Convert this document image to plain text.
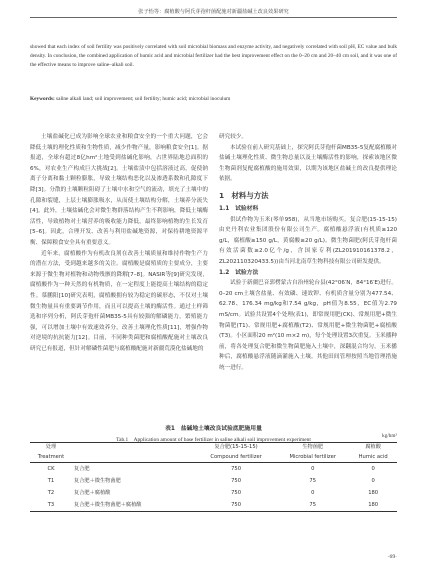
张子怡等：腐植酸与阿氏芽孢杆菌配施对新疆盐碱土改良效果研究
showed that each index of soil fertility was positively correlated with soil microbial biomass and enzyme activity, and negatively correlated with soil pH, EC value and bulk density. In conclusion, the combined application of humic acid and microbial fertilizer had the best improvement effect on the 0–20 cm and 20–40 cm soil, and it was one of the effective means to improve saline–alkali soil.
Keywords: saline alkali land; soil improvement; soil fertility; humic acid; microbial inoculum

土壤盐碱化已成为影响全球农业和粮食安全的一个重大问题，它会降低土壤的理化性质和生物性质，减少作物产量，影响粮食安全[1]。据报道，全球有超过8亿hm²土地受到盐碱化影响，占世界陆地总面积的6%，对农业生产构成巨大挑战[2]。土壤盐渍中包括溶液过高，促使钠离子分离和黏土颗粒膨胀，导致土壤结构恶化以及渗透系数和孔隙度下降[3]。分散的土壤颗粒阻碍了土壤中水和空气的流动，填充了土壤中的孔隙和裂缝，上层土壤膨胀吸水，从而使土壤结构分解，土壤养分流失[4]。此外，土壤盐碱化会对微生物群落结构产生不利影响，降低土壤酶活性，导致植物对土壤营养的吸收能力降低，最终影响植物的生长发育[5–6]。因此，合理开发、改善与利用盐碱地资源，对保持耕地资源平衡、保障粮食安全具有重要意义。

近年来，腐植酸作为有机改良剂在改善土壤质量和维持作物生产力的潜在方法，受到越来越多的关注。腐植酸是腐殖质的主要成分，主要来源于微生物对植物和动物残骸的降解[7–8]。NASIR等[9]研究发现，腐植酸作为一种天然的有机物质，在一定程度上能提高土壤结构的稳定性。慕鹏阳[10]研究表明，腐植酸拥有较为稳定的碳形态，不仅对土壤微生物量具有重要调节作用，而且可以提高土壤的酶活性。通过土样筛选和序列分析，阿氏芽孢杆菌MB35-5具有较强的解磷能力，繁殖能力强，可以增加土壤中有效速效养分，改善土壤理化性质[11]，增强作物对逆境的抗抗能力[12]。目前，不同种类菌肥和腐植酸配施对土壤改良研究已有报道，但针对解磷性菌肥与腐植酸配施对新疆荒漠化盐碱地的

研究较少。

本试验在前人研究基础上，探究阿氏芽孢杆菌MB35-5复配腐植酸对盐碱土壤理化性质、微生物总量以及土壤酶活性的影响，探索该地区微生物菌剂复配腐植酸的施用效果，以期为该地区盐碱土的改良提供理论依据。

1　材料与方法
1.1　试验材料

供试作物为玉米(琴单958)，从当地市场购买。复合肥(15-15-15)由史丹利农业集团股份有限公司生产。腐植酸悬浮液(有机质≥120 g/L，腐植酸≥150 g/L，黄腐酸≥20 g/L)。微生物菌肥(阿氏芽孢杆菌有效活菌数≥2.0亿个/g，含国家专利(ZL201910161378.2，ZL202110320433.5))由当河北南草生物科技有限公司研发提供。

1.2　试验方法

试验于新疆巴音郭楞蒙古自治州轮台县(42°06′N，84°16′E)进行。0–20 cm土壤含盐量、有效磷、速效钾、有机质含量分别为477.54、62.78、176.34 mg/kg和7.54 g/kg，pH值为8.55，EC值为2.79 mS/cm。试验共设置4个处理(表1)，即常规用肥(CK)、常规用肥+微生物菌肥(T1)、常规用肥+腐植酸(T2)、常规用肥+微生物菌肥+腐植酸(T3)。小区面积20 m²(10 m×2 m)，每个处理设置3次重复。玉米播种前，将各处理复合肥和微生物菌肥施入土壤中，深翻混合均匀。玉米播种后，腐植酸悬浮液随滴灌施入土壤。其他田间管理按照当地管理措施统一进行。

表1　盐碱地土壤改良试验底肥施用量
Tab.1　Application amount of base fertilizer in saline alkali soil improvement experiment
kg/hm²
处理		复合肥(15-15-15)	生物菌肥	腐植酸
Treatment		Compound fertilizer	Microbial fertilizer	Humic acid
CK	复合肥	750	0	0
T1	复合肥＋微生物菌肥	750	75	0
T2	复合肥＋腐植酸	750	0	180
T3	复合肥＋微生物菌肥＋腐植酸	750	75	180
·69·
